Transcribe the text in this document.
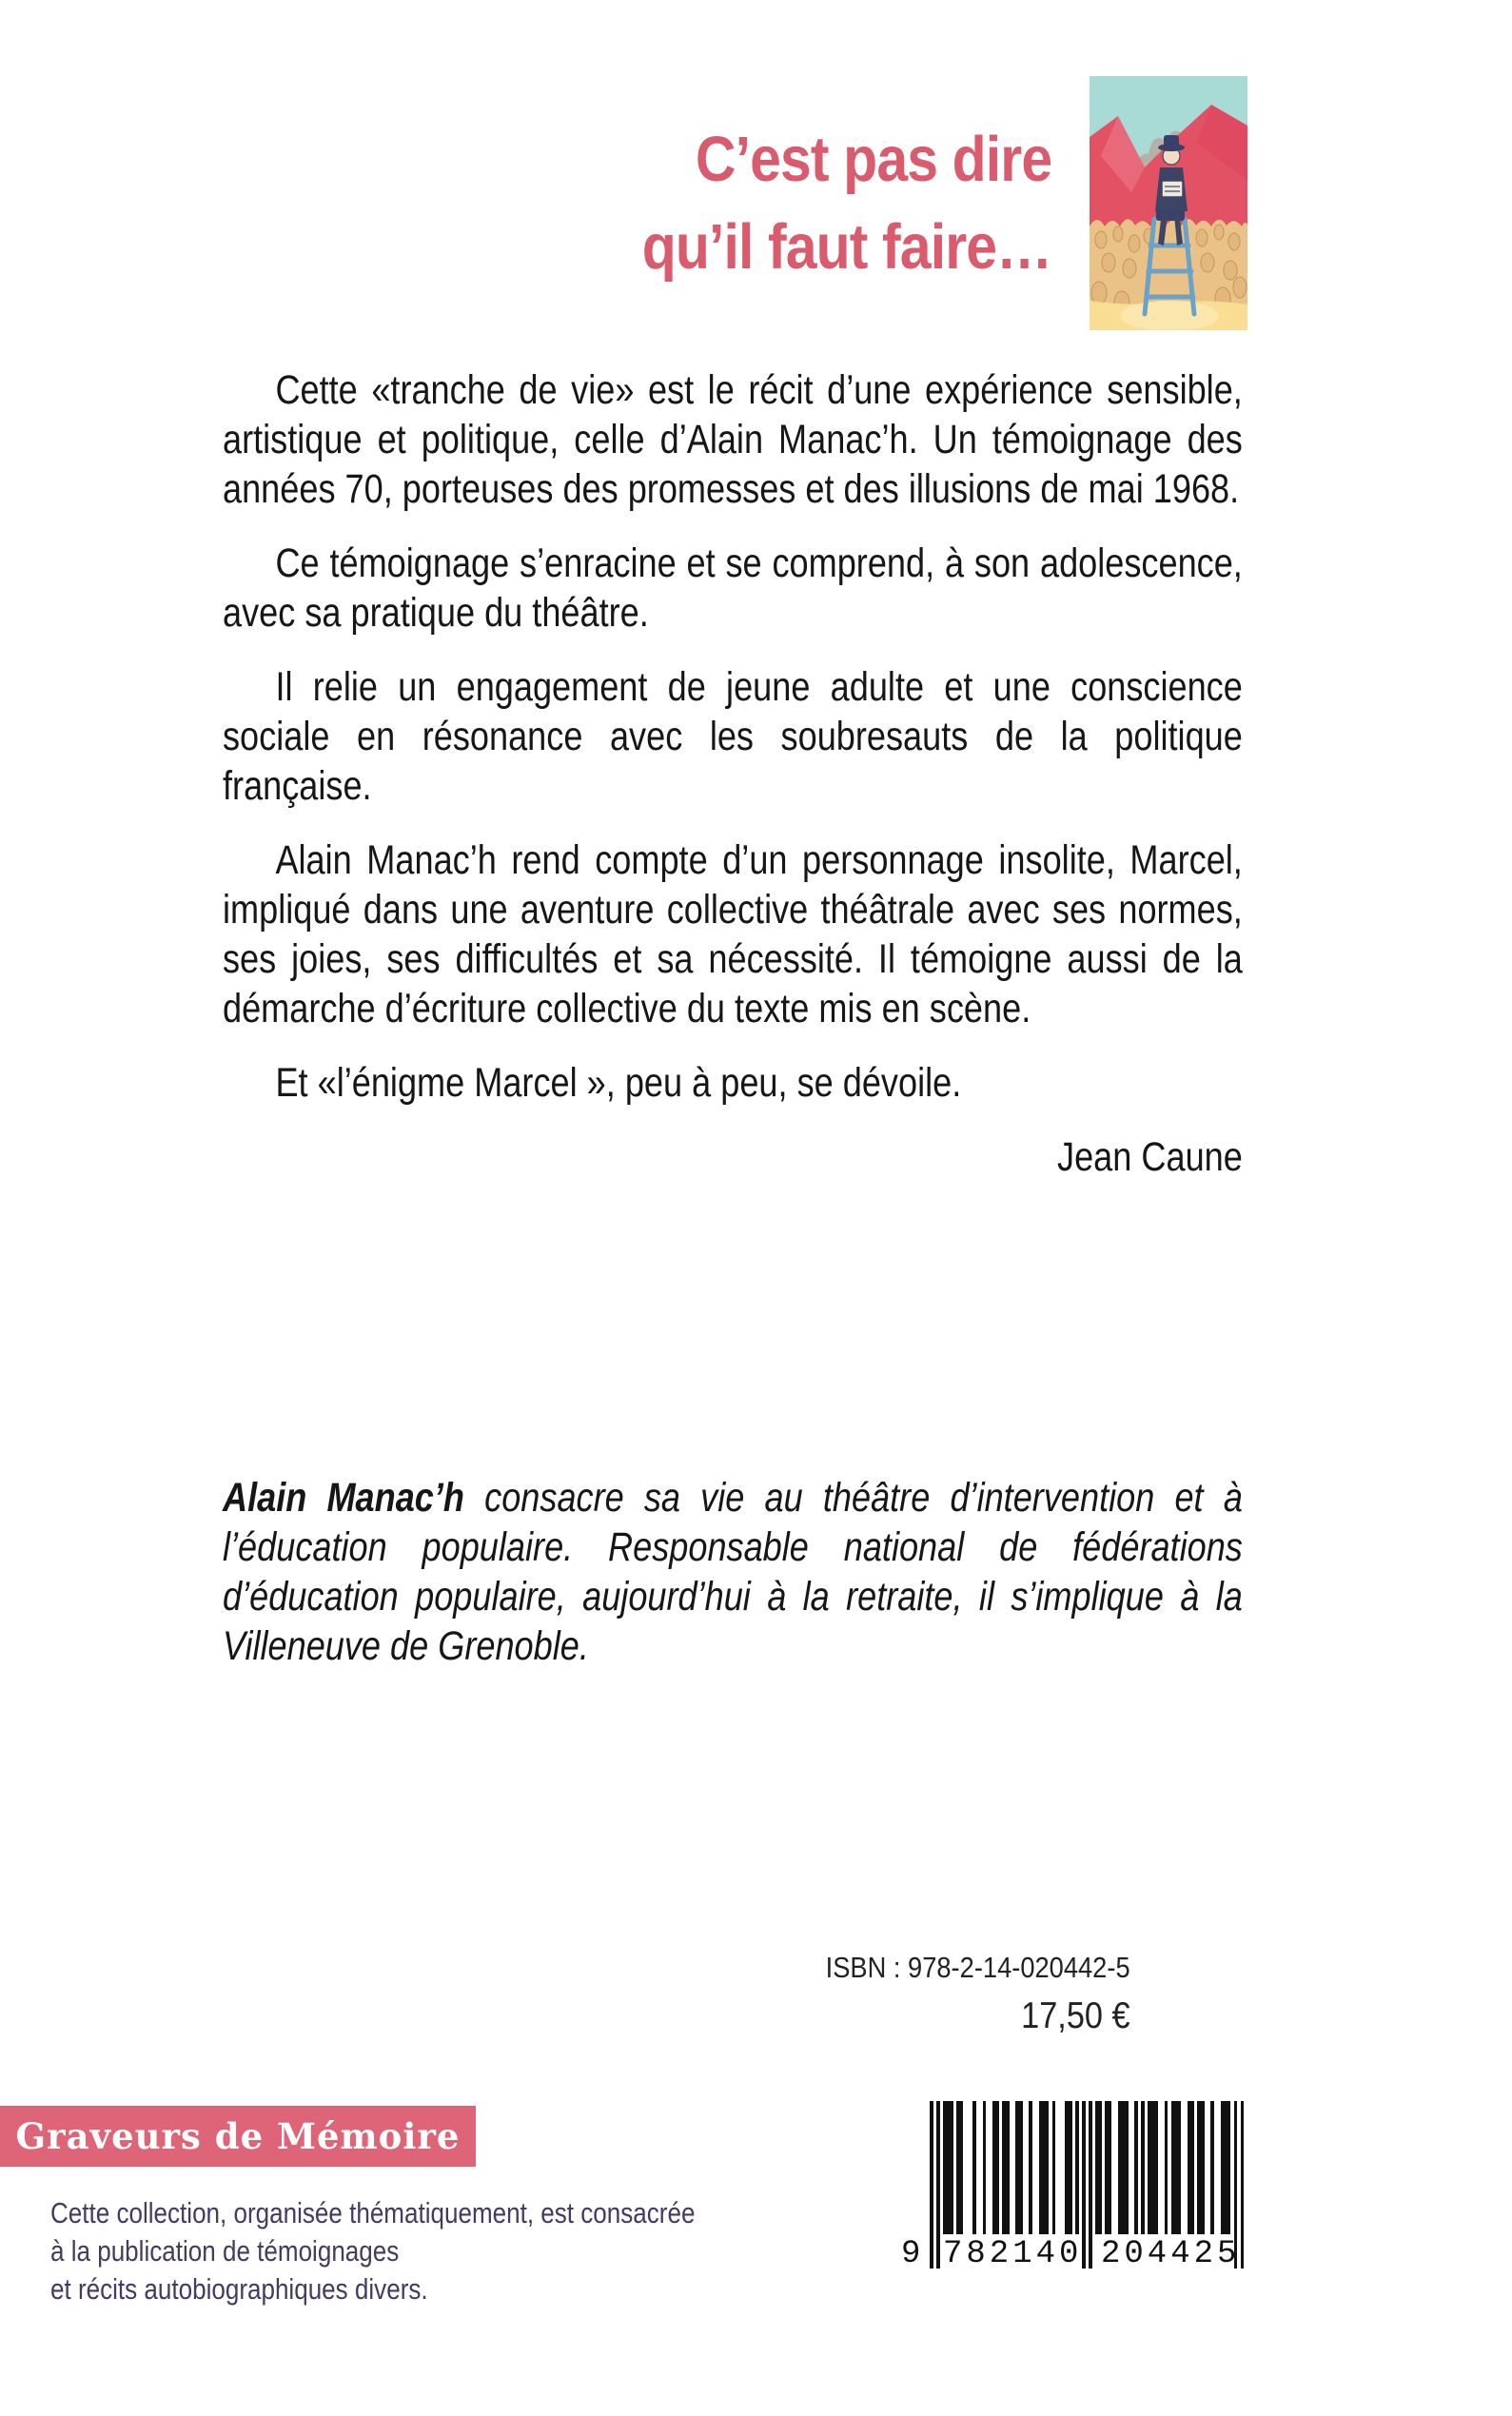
C’est pas dire
qu’il faut faire…

Cette «tranche de vie» est le récit d’une expérience sensible, artistique et politique, celle d’Alain Manac’h. Un témoignage des années 70, porteuses des promesses et des illusions de mai 1968.

Ce témoignage s’enracine et se comprend, à son adolescence, avec sa pratique du théâtre.

Il relie un engagement de jeune adulte et une conscience sociale en résonance avec les soubresauts de la politique française.

Alain Manac’h rend compte d’un personnage insolite, Marcel, impliqué dans une aventure collective théâtrale avec ses normes, ses joies, ses difficultés et sa nécessité. Il témoigne aussi de la démarche d’écriture collective du texte mis en scène.

Et «l’énigme Marcel », peu à peu, se dévoile.

Jean Caune

Alain Manac’h consacre sa vie au théâtre d’intervention et à l’éducation populaire. Responsable national de fédérations d’éducation populaire, aujourd’hui à la retraite, il s’implique à la Villeneuve de Grenoble.
ISBN : 978-2-14-020442-5
17,50 €
Graveurs de Mémoire
Cette collection, organisée thématiquement, est consacrée
à la publication de témoignages
et récits autobiographiques divers.
9 782140 204425
